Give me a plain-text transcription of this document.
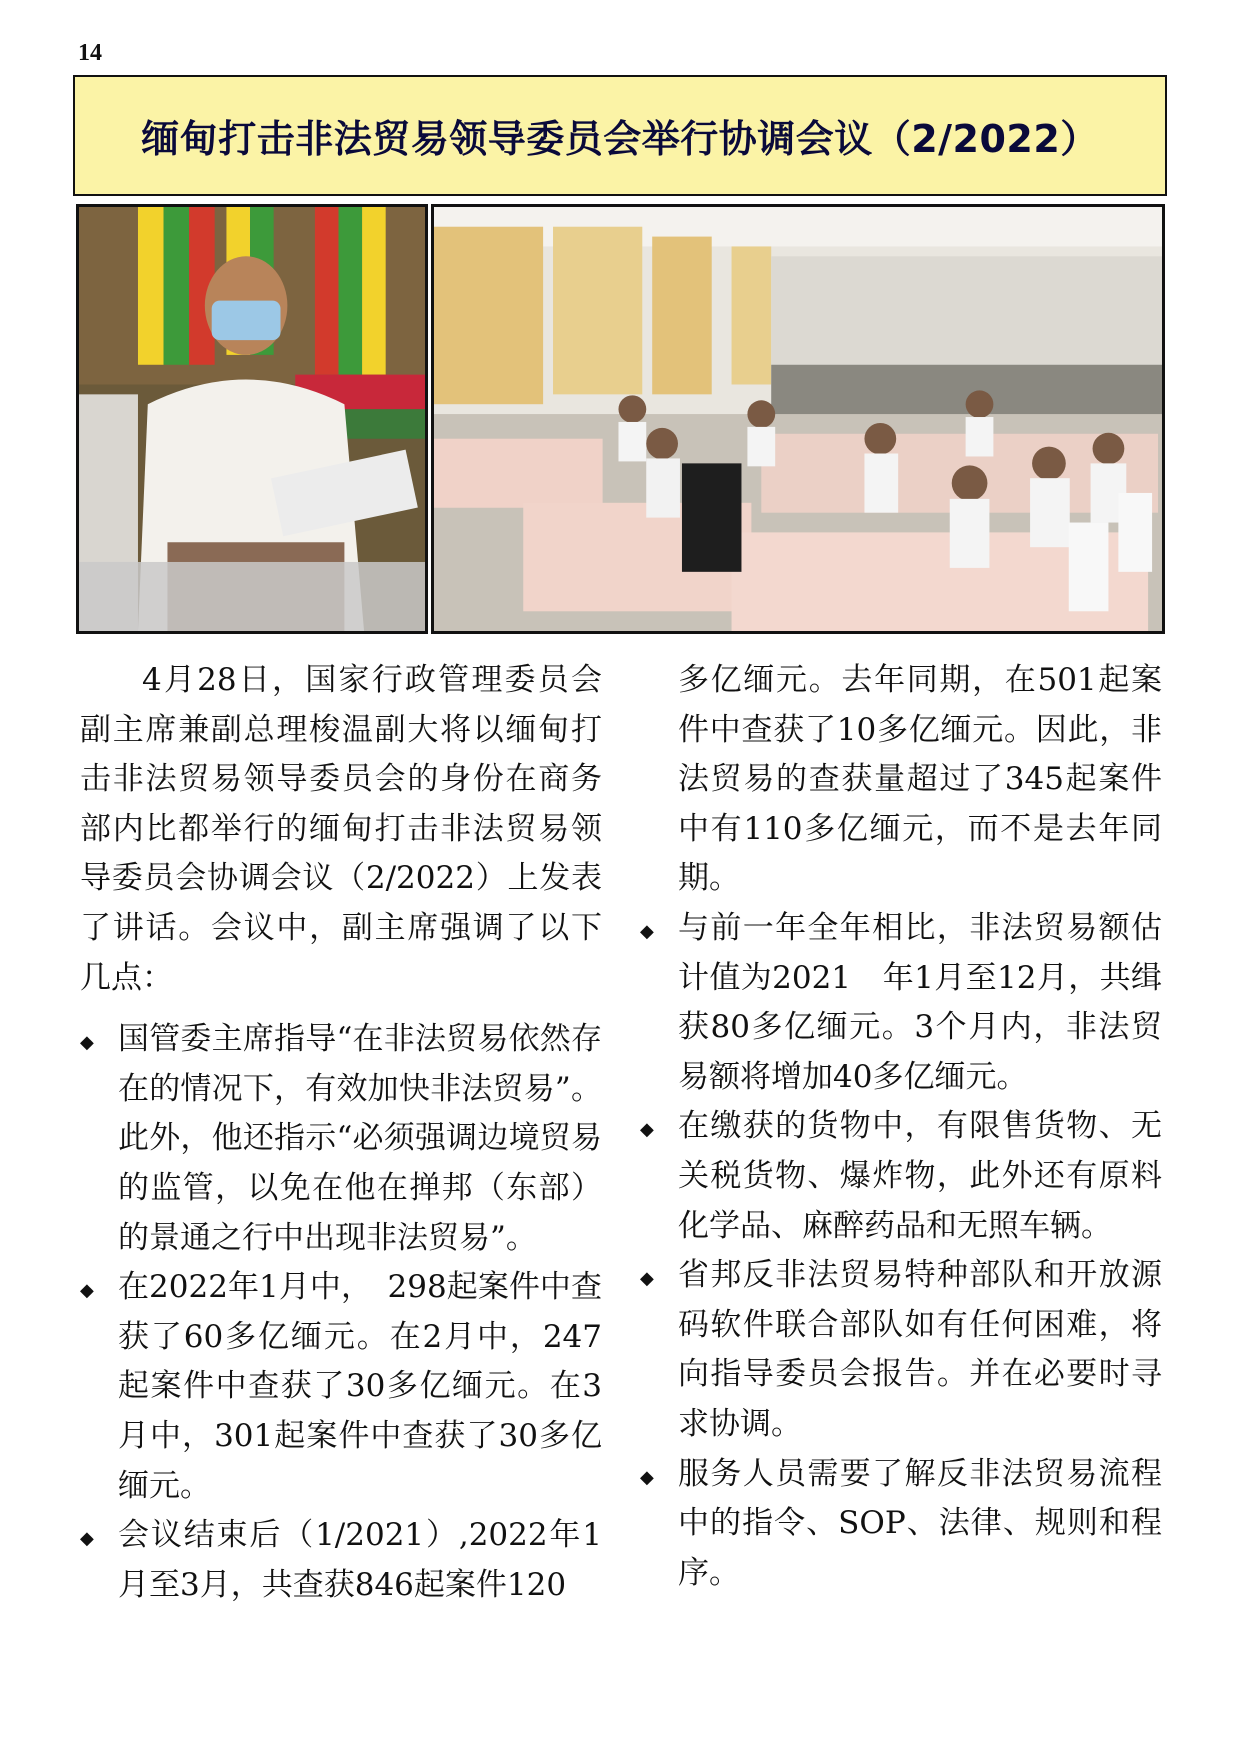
14
缅甸打击非法贸易领导委员会举行协调会议（2/2022）

4月28日，国家行政管理委员会副主席兼副总理梭温副大将以缅甸打击非法贸易领导委员会的身份在商务部内比都举行的缅甸打击非法贸易领导委员会协调会议（2/2022）上发表了讲话。会议中，副主席强调了以下几点：

◆ 国管委主席指导“在非法贸易依然存在的情况下，有效加快非法贸易”。此外，他还指示“必须强调边境贸易的监管，以免在他在掸邦（东部）的景通之行中出现非法贸易”。
◆ 在2022年1月中，　298起案件中查获了60多亿缅元。在2月中，247起案件中查获了30多亿缅元。在3月中，301起案件中查获了30多亿缅元。
◆ 会议结束后（1/2021）,2022年1月至3月，共查获846起案件120

多亿缅元。去年同期，在501起案件中查获了10多亿缅元。因此，非法贸易的查获量超过了345起案件中有110多亿缅元，而不是去年同期。

◆ 与前一年全年相比，非法贸易额估计值为2021　年1月至12月，共缉获80多亿缅元。3个月内，非法贸易额将增加40多亿缅元。
◆ 在缴获的货物中，有限售货物、无关税货物、爆炸物，此外还有原料化学品、麻醉药品和无照车辆。
◆ 省邦反非法贸易特种部队和开放源码软件联合部队如有任何困难，将向指导委员会报告。并在必要时寻求协调。
◆ 服务人员需要了解反非法贸易流程中的指令、SOP、法律、规则和程序。
